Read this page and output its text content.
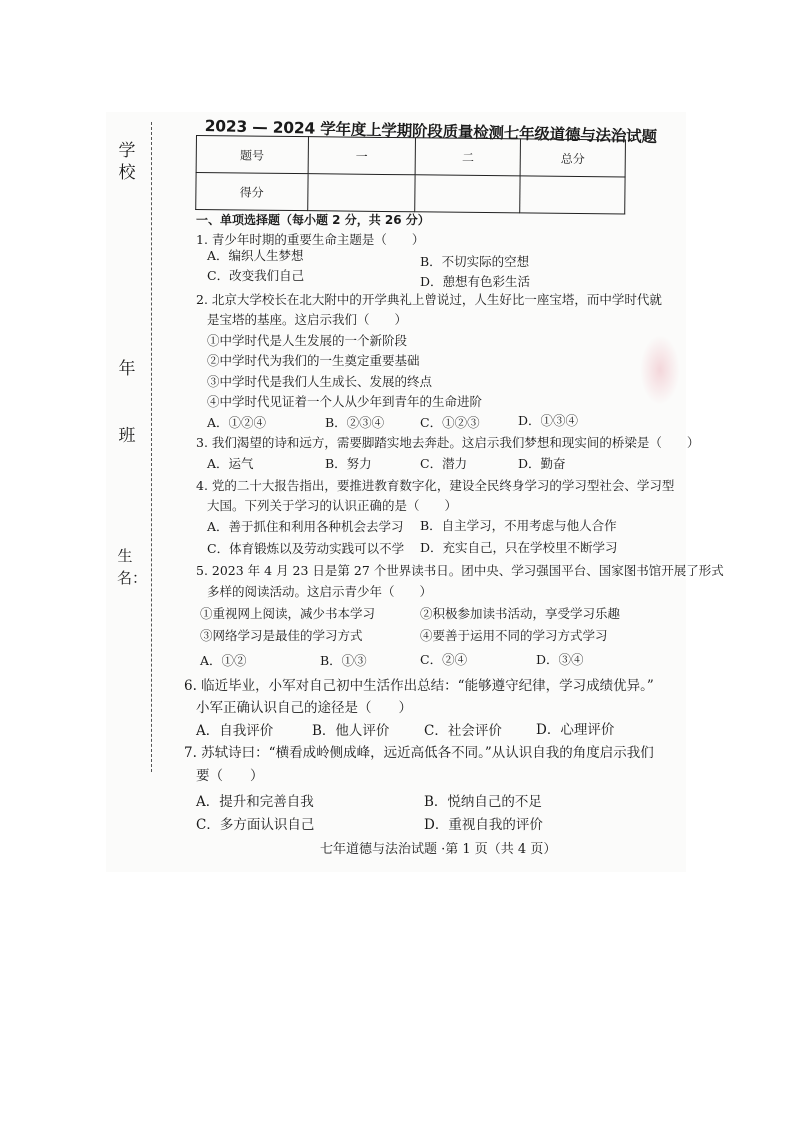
学校
年
班
生名：
2023 — 2024 学年度上学期阶段质量检测七年级道德与法治试题
题号	一	二	总分
得分			
一、单项选择题（每小题 2 分，共 26 分）
1. 青少年时期的重要生命主题是（　　）
A．编织人生梦想	B．不切实际的空想
C．改变我们自己	D．憩想有色彩生活
2. 北京大学校长在北大附中的开学典礼上曾说过，人生好比一座宝塔，而中学时代就
是宝塔的基座。这启示我们（　　）
①中学时代是人生发展的一个新阶段
②中学时代为我们的一生奠定重要基础
③中学时代是我们人生成长、发展的终点
④中学时代见证着一个人从少年到青年的生命进阶
A．①②④	B．②③④	C．①②③	D．①③④
3. 我们渴望的诗和远方，需要脚踏实地去奔赴。这启示我们梦想和现实间的桥梁是（　　）
A．运气	B．努力	C．潜力	D．勤奋
4. 党的二十大报告指出，要推进教育数字化，建设全民终身学习的学习型社会、学习型
大国。下列关于学习的认识正确的是（　　）
A．善于抓住和利用各种机会去学习 B．自主学习，不用考虑与他人合作
C．体育锻炼以及劳动实践可以不学 D．充实自己，只在学校里不断学习
5. 2023 年 4 月 23 日是第 27 个世界读书日。团中央、学习强国平台、国家图书馆开展了形式
多样的阅读活动。这启示青少年（　　）
①重视网上阅读，减少书本学习	②积极参加读书活动，享受学习乐趣
③网络学习是最佳的学习方式	④要善于运用不同的学习方式学习
A．①②	B．①③	C．②④	D．③④
6. 临近毕业，小军对自己初中生活作出总结：“能够遵守纪律，学习成绩优异。”
小军正确认识自己的途径是（　　）
A．自我评价	B．他人评价	C．社会评价	D．心理评价
7. 苏轼诗曰：“横看成岭侧成峰，远近高低各不同。”从认识自我的角度启示我们
要（　　）
A．提升和完善自我	B．悦纳自己的不足
C．多方面认识自己	D．重视自我的评价
七年道德与法治试题 ·第 1 页（共 4 页）
